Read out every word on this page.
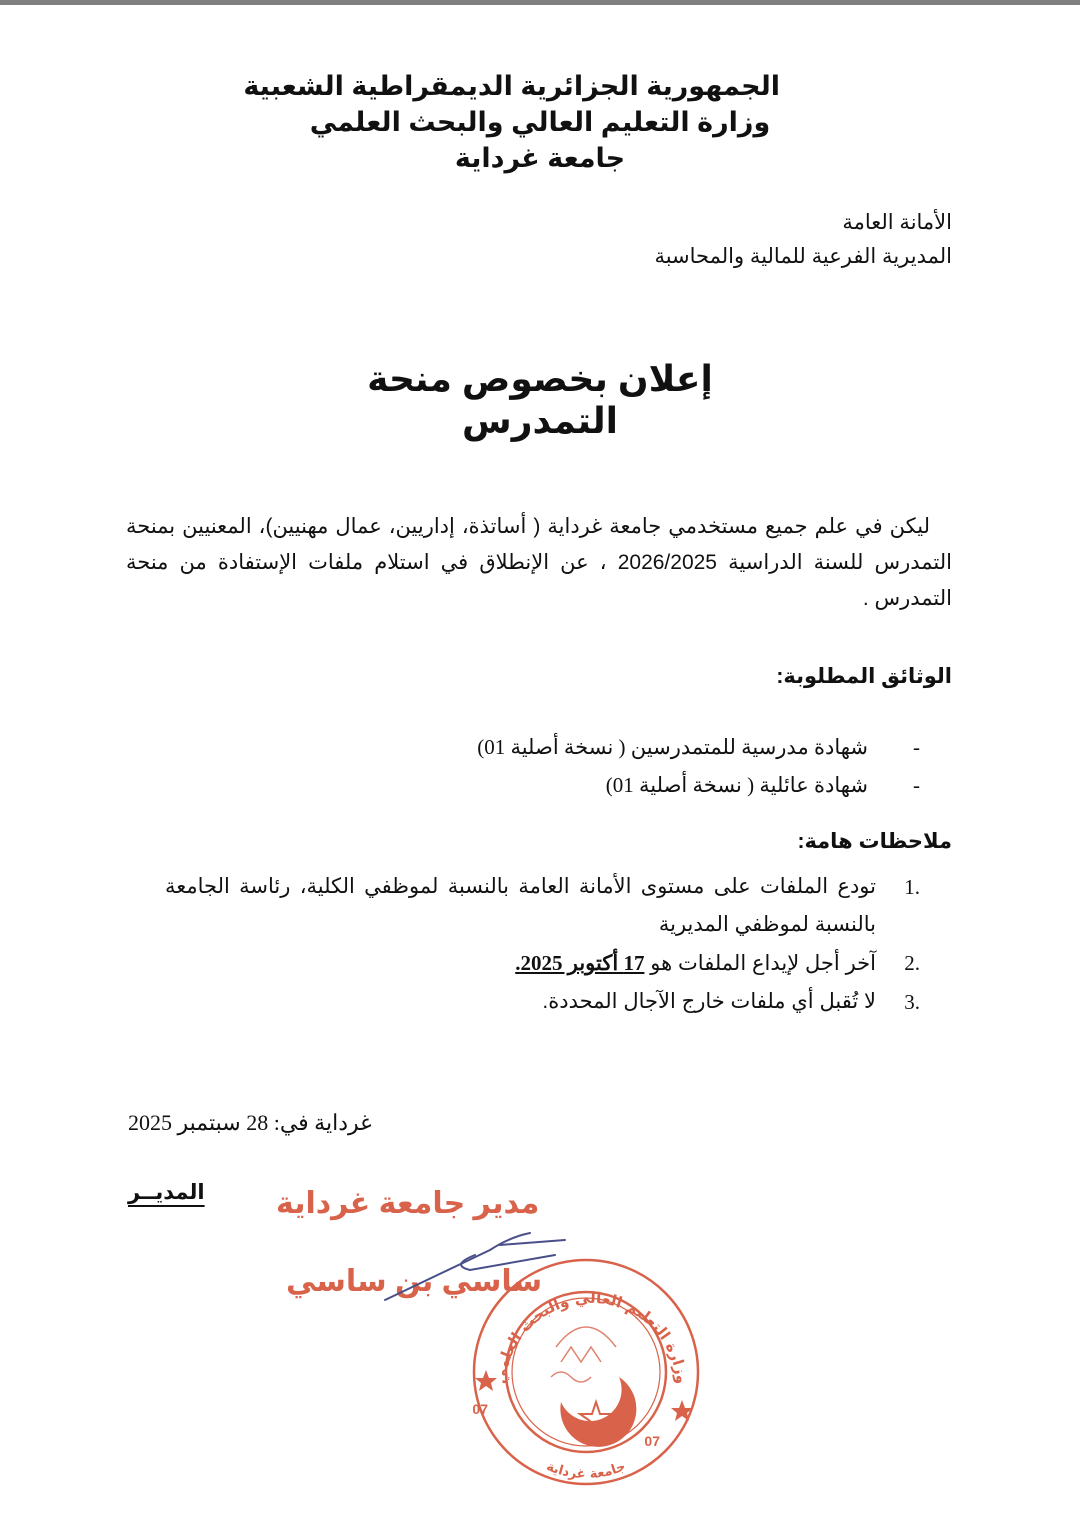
الجمهورية الجزائرية الديمقراطية الشعبية
وزارة التعليم العالي والبحث العلمي
جامعة غرداية
الأمانة العامة
المديرية الفرعية للمالية والمحاسبة
إعلان بخصوص منحة التمدرس
ليكن في علم جميع مستخدمي جامعة غرداية ( أساتذة، إداريين، عمال مهنيين)، المعنيين بمنحة التمدرس للسنة الدراسية 2026/2025 ، عن الإنطلاق في استلام ملفات الإستفادة من منحة التمدرس .
الوثائق المطلوبة:
-
شهادة مدرسية للمتمدرسين ( نسخة أصلية 01)
-
شهادة عائلية ( نسخة أصلية 01)
ملاحظات هامة:
1.
تودع الملفات على مستوى الأمانة العامة بالنسبة لموظفي الكلية، رئاسة الجامعة بالنسبة لموظفي المديرية
2.
آخر أجل لإيداع الملفات هو 17 أكتوبر 2025.
3.
لا تُقبل أي ملفات خارج الآجال المحددة.
غرداية في: 28 سبتمبر 2025
المديــر مدير جامعة غرداية
ساسي بن ساسي
07
07
وزارة التعليم العالي والبحث العلمي
جامعة غرداية
